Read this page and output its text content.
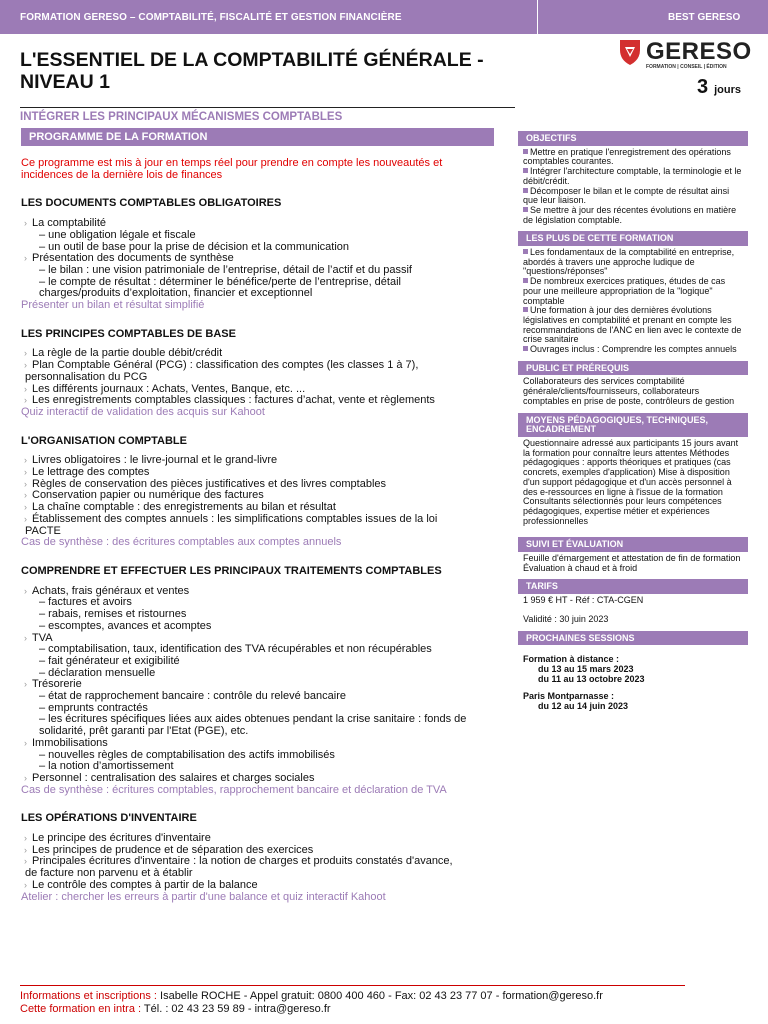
FORMATION GERESO – COMPTABILITÉ, FISCALITÉ ET GESTION FINANCIÈRE	BEST GERESO
L'ESSENTIEL DE LA COMPTABILITÉ GÉNÉRALE -
NIVEAU 1
GERESO
FORMATION | CONSEIL | ÉDITION
3 jours
INTÉGRER LES PRINCIPAUX MÉCANISMES COMPTABLES
PROGRAMME DE LA FORMATION
Ce programme est mis à jour en temps réel pour prendre en compte les nouveautés et
incidences de la dernière lois de finances
LES DOCUMENTS COMPTABLES OBLIGATOIRES
› La comptabilité
– une obligation légale et fiscale
– un outil de base pour la prise de décision et la communication
› Présentation des documents de synthèse
– le bilan : une vision patrimoniale de l’entreprise, détail de l’actif et du passif
– le compte de résultat : déterminer le bénéfice/perte de l’entreprise, détail
charges/produits d’exploitation, financier et exceptionnel
Présenter un bilan et résultat simplifié
LES PRINCIPES COMPTABLES DE BASE
› La règle de la partie double débit/crédit
› Plan Comptable Général (PCG) : classification des comptes (les classes 1 à 7),
personnalisation du PCG
› Les différents journaux : Achats, Ventes, Banque, etc. ...
› Les enregistrements comptables classiques : factures d’achat, vente et règlements
Quiz interactif de validation des acquis sur Kahoot
L'ORGANISATION COMPTABLE
› Livres obligatoires : le livre-journal et le grand-livre
› Le lettrage des comptes
› Règles de conservation des pièces justificatives et des livres comptables
› Conservation papier ou numérique des factures
› La chaîne comptable : des enregistrements au bilan et résultat
› Établissement des comptes annuels : les simplifications comptables issues de la loi
PACTE
Cas de synthèse : des écritures comptables aux comptes annuels
COMPRENDRE ET EFFECTUER LES PRINCIPAUX TRAITEMENTS COMPTABLES
› Achats, frais généraux et ventes
– factures et avoirs
– rabais, remises et ristournes
– escomptes, avances et acomptes
› TVA
– comptabilisation, taux, identification des TVA récupérables et non récupérables
– fait générateur et exigibilité
– déclaration mensuelle
› Trésorerie
– état de rapprochement bancaire : contrôle du relevé bancaire
– emprunts contractés
– les écritures spécifiques liées aux aides obtenues pendant la crise sanitaire : fonds de
solidarité, prêt garanti par l'Etat (PGE), etc.
› Immobilisations
– nouvelles règles de comptabilisation des actifs immobilisés
– la notion d’amortissement
› Personnel : centralisation des salaires et charges sociales
Cas de synthèse : écritures comptables, rapprochement bancaire et déclaration de TVA
LES OPÉRATIONS D'INVENTAIRE
› Le principe des écritures d'inventaire
› Les principes de prudence et de séparation des exercices
› Principales écritures d'inventaire : la notion de charges et produits constatés d'avance,
de facture non parvenu et à établir
› Le contrôle des comptes à partir de la balance
Atelier : chercher les erreurs à partir d'une balance et quiz interactif Kahoot
OBJECTIFS
Mettre en pratique l'enregistrement des opérations comptables courantes.
Intégrer l'architecture comptable, la terminologie et le débit/crédit.
Décomposer le bilan et le compte de résultat ainsi que leur liaison.
Se mettre à jour des récentes évolutions en matière de législation comptable.
LES PLUS DE CETTE FORMATION
Les fondamentaux de la comptabilité en entreprise, abordés à travers une approche ludique de "questions/réponses"
De nombreux exercices pratiques, études de cas pour une meilleure appropriation de la "logique" comptable
Une formation à jour des dernières évolutions législatives en comptabilité et prenant en compte les recommandations de l'ANC en lien avec le contexte de crise sanitaire
Ouvrages inclus : Comprendre les comptes annuels
PUBLIC ET PRÉREQUIS
Collaborateurs des services comptabilité générale/clients/fournisseurs, collaborateurs comptables en prise de poste, contrôleurs de gestion
MOYENS PÉDAGOGIQUES, TECHNIQUES, ENCADREMENT
Questionnaire adressé aux participants 15 jours avant la formation pour connaître leurs attentes Méthodes pédagogiques : apports théoriques et pratiques (cas concrets, exemples d'application) Mise à disposition d'un support pédagogique et d'un accès personnel à des e-ressources en ligne à l'issue de la formation Consultants sélectionnés pour leurs compétences pédagogiques, expertise métier et expériences professionnelles
SUIVI ET ÉVALUATION
Feuille d'émargement et attestation de fin de formation
Évaluation à chaud et à froid
TARIFS
1 959 € HT - Réf : CTA-CGEN
Validité : 30 juin 2023
PROCHAINES SESSIONS
Formation à distance :
du 13 au 15 mars 2023
du 11 au 13 octobre 2023
Paris Montparnasse :
du 12 au 14 juin 2023
Informations et inscriptions : Isabelle ROCHE - Appel gratuit: 0800 400 460 - Fax: 02 43 23 77 07 - formation@gereso.fr
Cette formation en intra : Tél. : 02 43 23 59 89 - intra@gereso.fr
